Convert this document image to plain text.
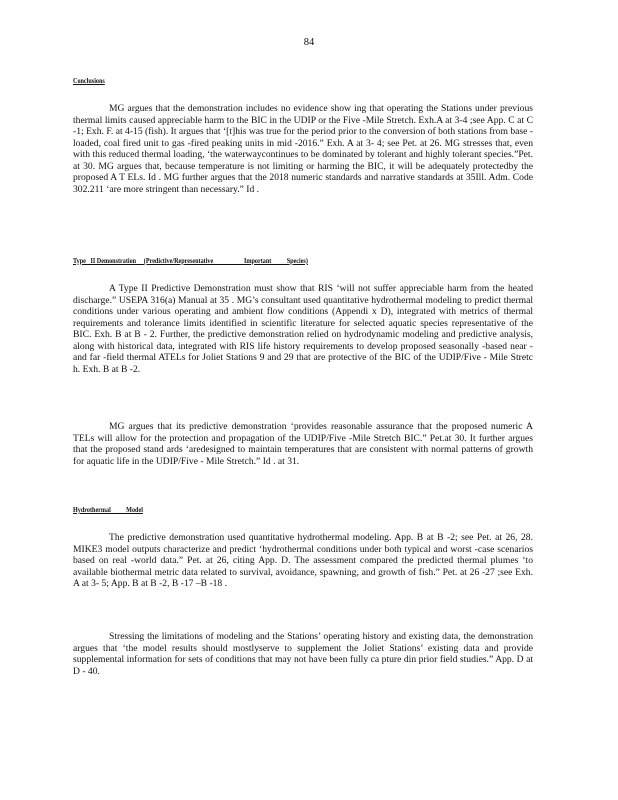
84
Conclusions
MG argues that the demonstration includes no evidence show ing that operating the Stations under previous thermal limits caused appreciable harm to the BIC in the UDIP or the Five -Mile Stretch. Exh.A at 3-4 ;see App. C at C -1; Exh. F. at 4-15 (fish). It argues that ‘[t]his was true for the period prior to the conversion of both stations from base -loaded, coal fired unit to gas -fired peaking units in mid -2016.” Exh. A at 3- 4; see Pet. at 26. MG stresses that, even with this reduced thermal loading, ‘the waterwaycontinues to be dominated by tolerant and highly tolerant species.”Pet. at 30. MG argues that, because temperature is not limiting or harming the BIC, it will be adequately protectedby the proposed A T ELs. Id . MG further argues that the 2018 numeric standards and narrative standards at 35Ill. Adm. Code 302.211 ‘are more stringent than necessary.” Id .
Type   II Demonstration     (Predictive/Representative                    Important          Species)
A Type II Predictive Demonstration must show that RIS ‘will not suffer appreciable harm from the heated discharge.” USEPA 316(a) Manual at 35 . MG’s consultant used quantitative hydrothermal modeling to predict thermal conditions under various operating and ambient flow conditions (Appendi x D), integrated with metrics of thermal requirements and tolerance limits identified in scientific literature for selected aquatic species representative of the BIC. Exh. B at B - 2. Further, the predictive demonstration relied on hydrodynamic modeling and predictive analysis, along with historical data, integrated with RIS life history requirements to develop proposed seasonally -based near -and far -field thermal ATELs for Joliet Stations 9 and 29 that are protective of the BIC of the UDIP/Five - Mile Stretc h. Exh. B at B -2.
MG argues that its predictive demonstration ‘provides reasonable assurance that the proposed numeric A TELs will allow for the protection and propagation of the UDIP/Five -Mile Stretch BIC.” Pet.at 30. It further argues that the proposed stand ards ‘aredesigned to maintain temperatures that are consistent with normal patterns of growth for aquatic life in the UDIP/Five - Mile Stretch.” Id . at 31.
Hydrothermal          Model
The predictive demonstration used quantitative hydrothermal modeling. App. B at B -2; see Pet. at 26, 28. MIKE3 model outputs characterize and predict ‘hydrothermal conditions under both typical and worst -case scenarios based on real -world data.” Pet. at 26, citing App. D. The assessment compared the predicted thermal plumes ‘to available biothermal metric data related to survival, avoidance, spawning, and growth of fish.” Pet. at 26 -27 ;see Exh. A at 3- 5; App. B at B -2, B -17 –B -18 .
Stressing the limitations of modeling and the Stations’ operating history and existing data, the demonstration argues that ‘the model results should mostlyserve to supplement the Joliet Stations’ existing data and provide supplemental information for sets of conditions that may not have been fully ca pture din prior field studies.” App. D at D - 40.
